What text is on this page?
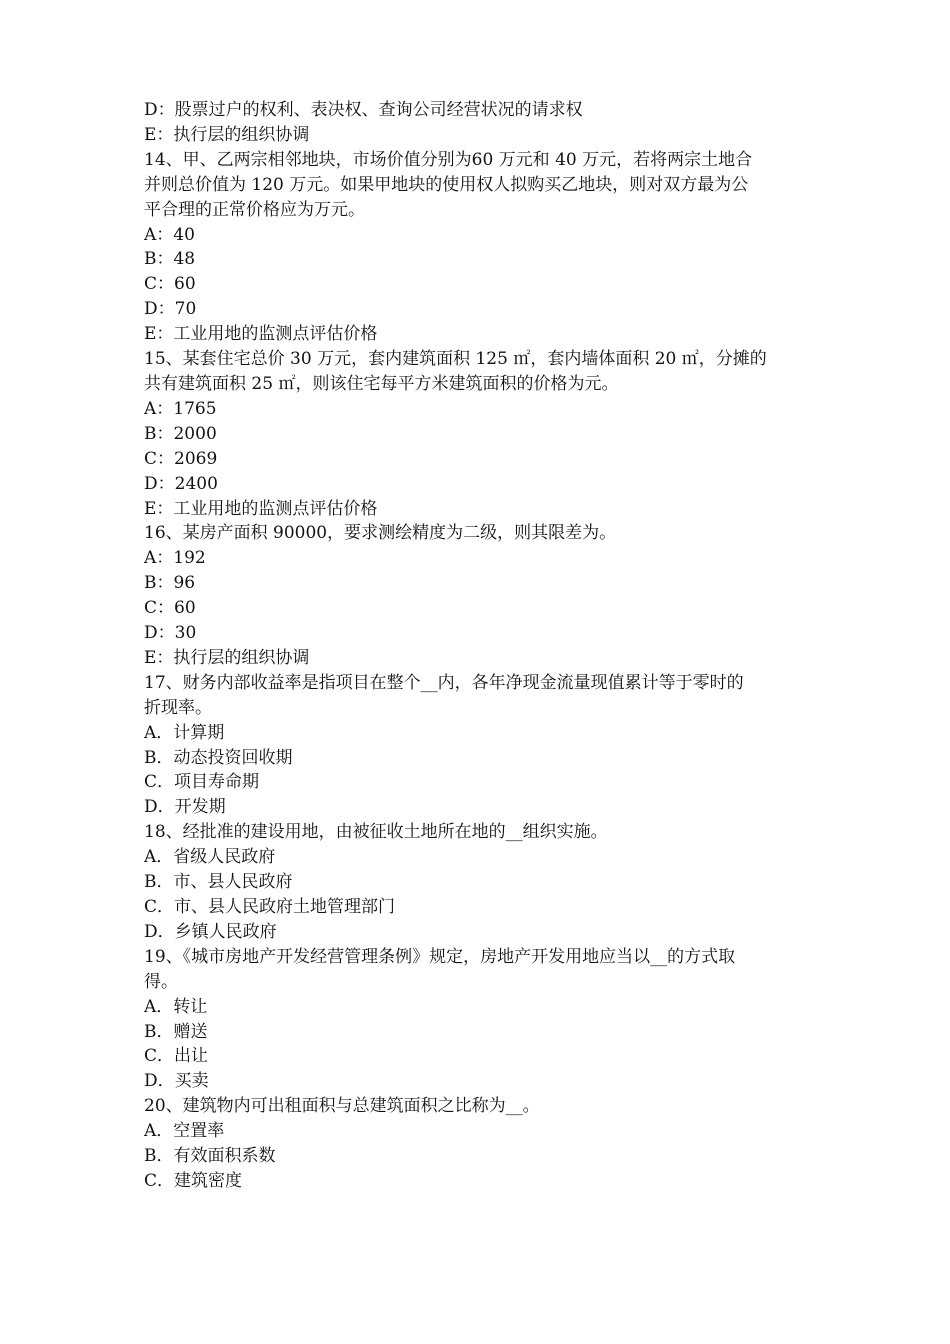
D：股票过户的权利、表决权、查询公司经营状况的请求权
E：执行层的组织协调
14、甲、乙两宗相邻地块，市场价值分别为60 万元和 40 万元，若将两宗土地合
并则总价值为 120 万元。如果甲地块的使用权人拟购买乙地块，则对双方最为公
平合理的正常价格应为万元。
A：40
B：48
C：60
D：70
E：工业用地的监测点评估价格
15、某套住宅总价 30 万元，套内建筑面积 125 ㎡，套内墙体面积 20 ㎡，分摊的
共有建筑面积 25 ㎡，则该住宅每平方米建筑面积的价格为元。
A：1765
B：2000
C：2069
D：2400
E：工业用地的监测点评估价格
16、某房产面积 90000，要求测绘精度为二级，则其限差为。
A：192
B：96
C：60
D：30
E：执行层的组织协调
17、财务内部收益率是指项目在整个__内，各年净现金流量现值累计等于零时的
折现率。
A．计算期
B．动态投资回收期
C．项目寿命期
D．开发期
18、经批准的建设用地，由被征收土地所在地的__组织实施。
A．省级人民政府
B．市、县人民政府
C．市、县人民政府土地管理部门
D．乡镇人民政府
19、《城市房地产开发经营管理条例》规定，房地产开发用地应当以__的方式取
得。
A．转让
B．赠送
C．出让
D．买卖
20、建筑物内可出租面积与总建筑面积之比称为__。
A．空置率
B．有效面积系数
C．建筑密度
